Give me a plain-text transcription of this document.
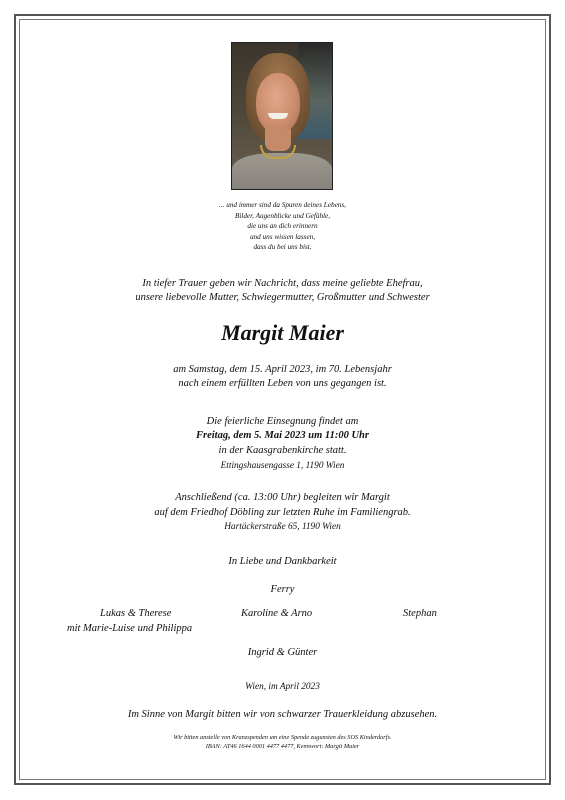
... und immer sind da Spuren deines Lebens,
Bilder, Augenblicke und Gefühle,
die uns an dich erinnern
und uns wissen lassen,
dass du bei uns bist.
In tiefer Trauer geben wir Nachricht, dass meine geliebte Ehefrau,
unsere liebevolle Mutter, Schwiegermutter, Großmutter und Schwester
Margit Maier
am Samstag, dem 15. April 2023, im 70. Lebensjahr
nach einem erfüllten Leben von uns gegangen ist.
Die feierliche Einsegnung findet am
Freitag, dem 5. Mai 2023 um 11:00 Uhr
in der Kaasgrabenkirche statt.
Ettingshausengasse 1, 1190 Wien
Anschließend (ca. 13:00 Uhr) begleiten wir Margit
auf dem Friedhof Döbling zur letzten Ruhe im Familiengrab.
Hartäckerstraße 65, 1190 Wien
In Liebe und Dankbarkeit
Ferry
Lukas & Therese
mit Marie-Luise und Philippa
Karoline & Arno	Stephan
Ingrid & Günter
Wien, im April 2023
Im Sinne von Margit bitten wir von schwarzer Trauerkleidung abzusehen.
Wir bitten anstelle von Kranzspenden um eine Spende zugunsten des SOS Kinderdorfs.
IBAN: AT46 1644 0001 4477 4477, Kennwort: Margit Maier
